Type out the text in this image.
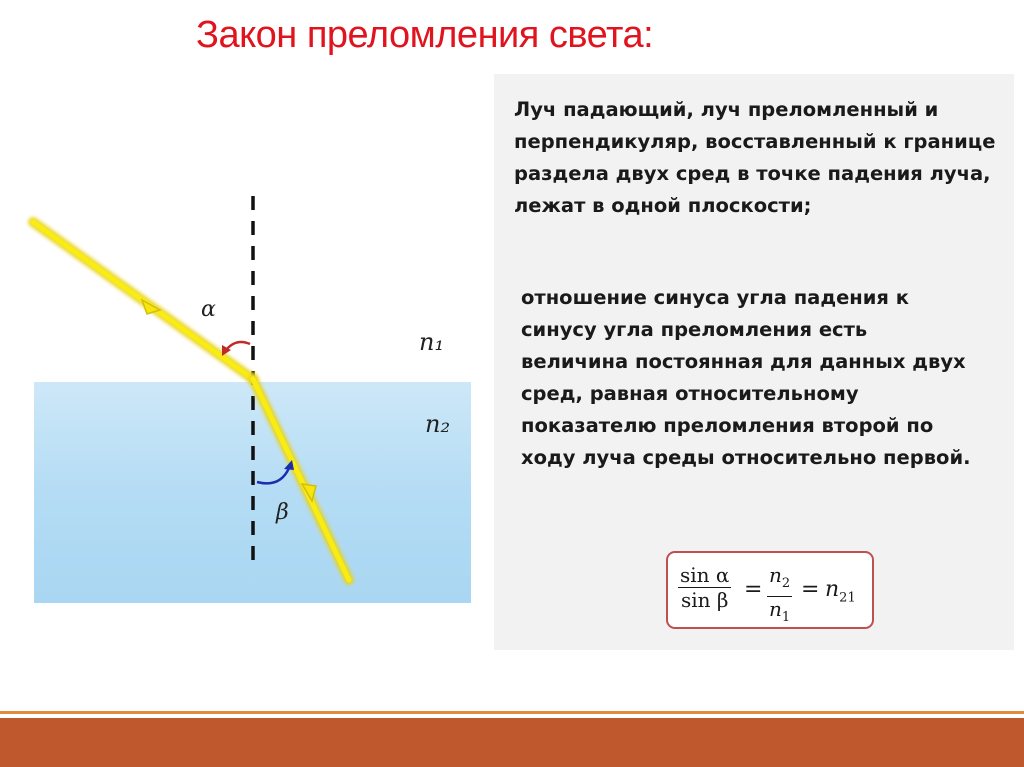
Закон преломления света:
α
β
n₁
n₂
Луч падающий, луч преломленный и перпендикуляр, восставленный к границе раздела двух сред в точке падения луча, лежат в одной плоскости;
отношение синуса угла падения к синусу угла преломления есть величина постоянная для данных двух сред, равная относительному показателю преломления второй по ходу луча среды относительно первой.
sin α
sin β =
$n_2$
$n_1$
= $n_{21}$
